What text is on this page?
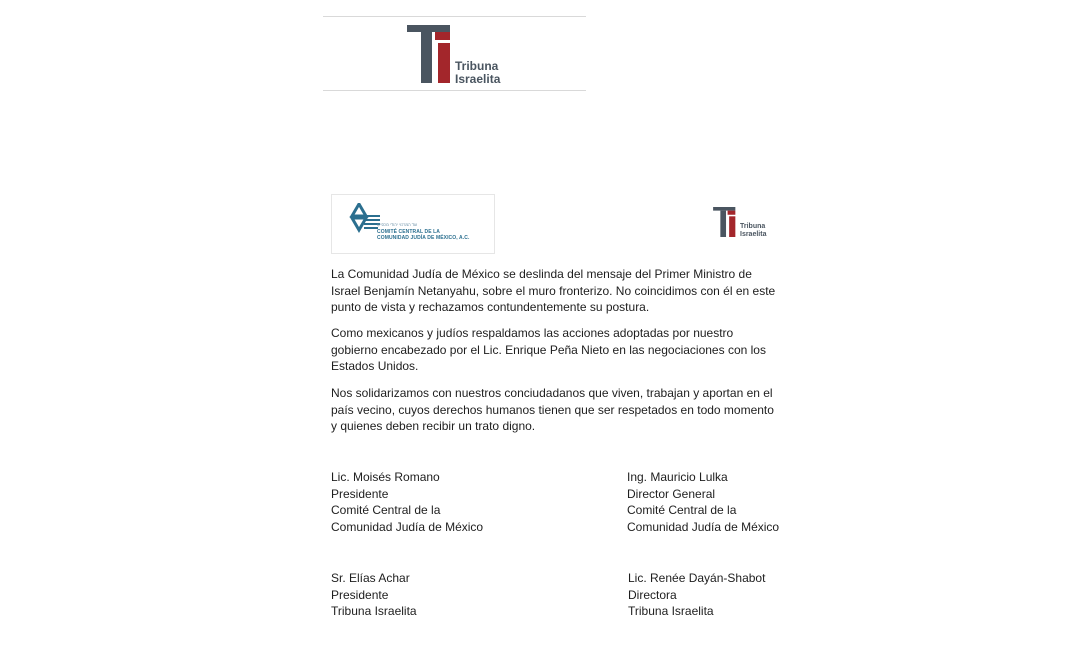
Tribuna
Israelita
ועד המרכזי יהודי מכסיקו
COMITÉ CENTRAL DE LA
COMUNIDAD JUDÍA DE MÉXICO, A.C.
Tribuna
Israelita
La Comunidad Judía de México se deslinda del mensaje del Primer Ministro de
Israel Benjamín Netanyahu, sobre el muro fronterizo. No coincidimos con él en este
punto de vista y rechazamos contundentemente su postura.
Como mexicanos y judíos respaldamos las acciones adoptadas por nuestro
gobierno encabezado por el Lic. Enrique Peña Nieto en las negociaciones con los
Estados Unidos.
Nos solidarizamos con nuestros conciudadanos que viven, trabajan y aportan en el
país vecino, cuyos derechos humanos tienen que ser respetados en todo momento
y quienes deben recibir un trato digno.
Lic. Moisés Romano
Presidente
Comité Central de la
Comunidad Judía de México
Ing. Mauricio Lulka
Director General
Comité Central de la
Comunidad Judía de México
Sr. Elías Achar
Presidente
Tribuna Israelita
Lic. Renée Dayán-Shabot
Directora
Tribuna Israelita
